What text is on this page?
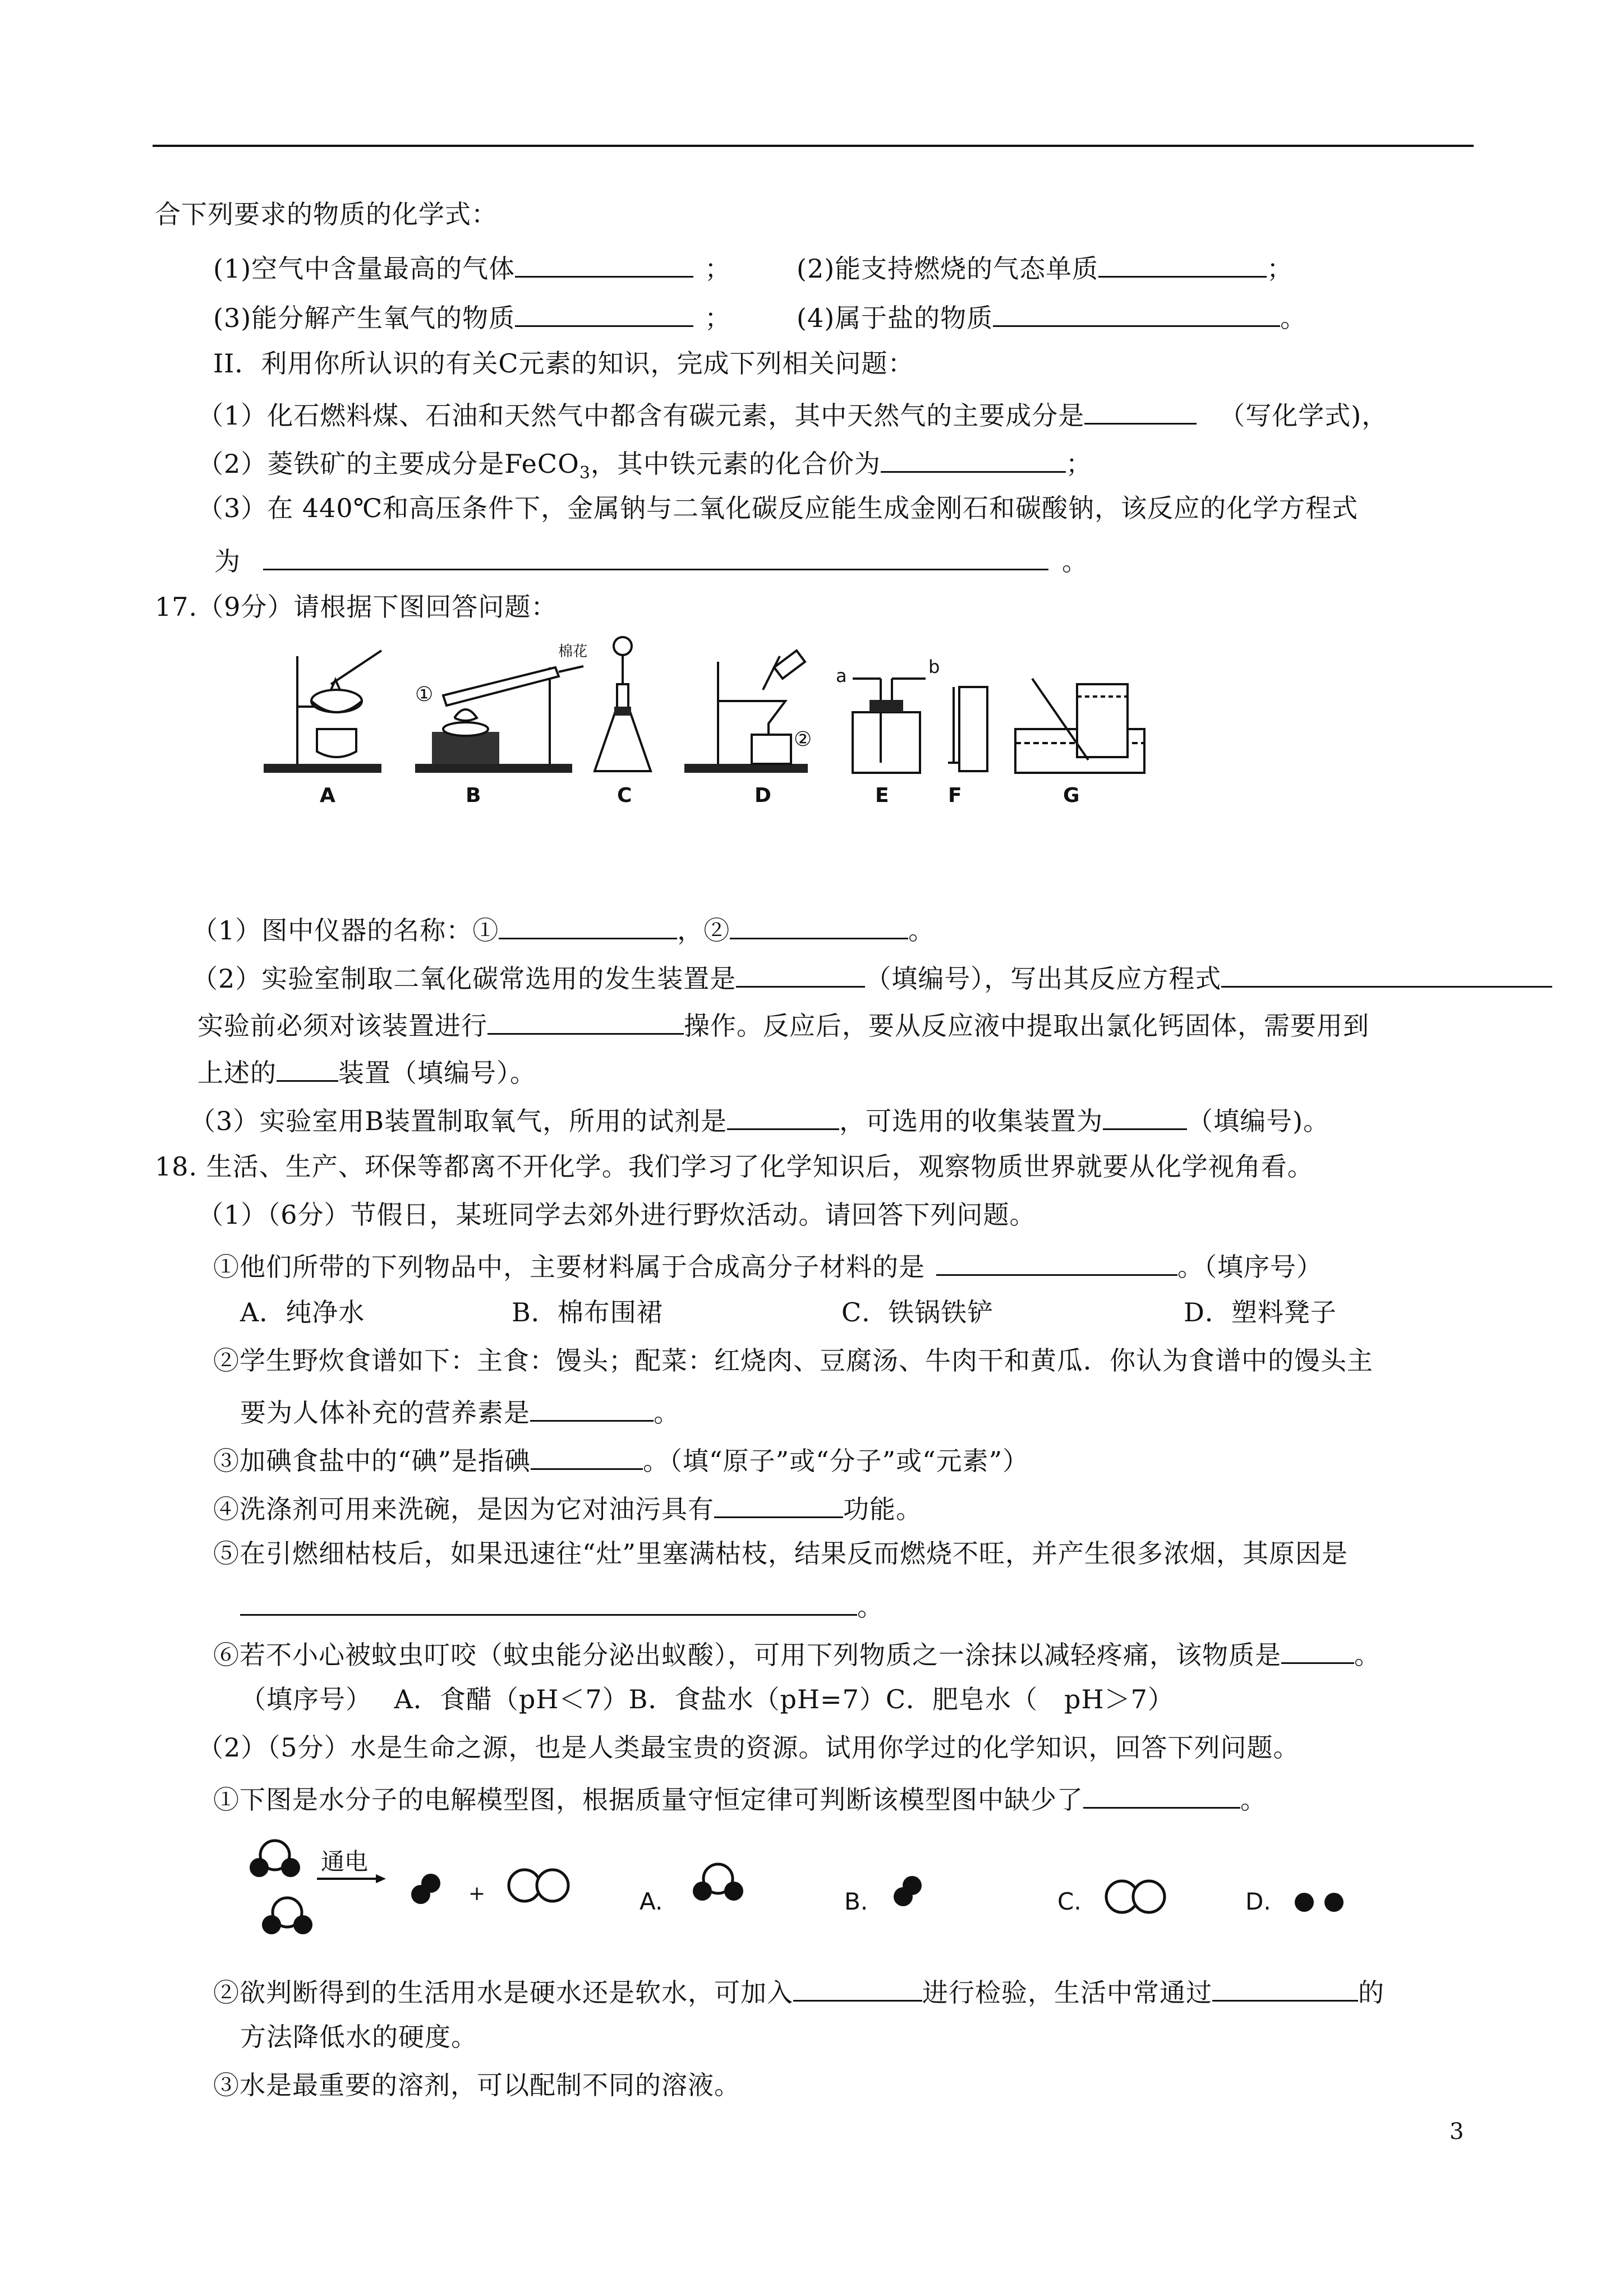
合下列要求的物质的化学式：
(1)空气中含量最高的气体	；	(2)能支持燃烧的气态单质	；
(3)能分解产生氧气的物质	；	(4)属于盐的物质	。
II．利用你所认识的有关C元素的知识，完成下列相关问题：
（1）化石燃料煤、石油和天然气中都含有碳元素，其中天然气的主要成分是	（写化学式)，
（2）菱铁矿的主要成分是FeCO$_3$，其中铁元素的化合价为	；
（3）在 440℃和高压条件下，金属钠与二氧化碳反应能生成金刚石和碳酸钠，该反应的化学方程式
为	。
17.（9分）请根据下图回答问题：
①
棉花
②
a	b
A	B	C	D	E	F	G
（1）图中仪器的名称：①	，②	。
（2）实验室制取二氧化碳常选用的发生装置是	（填编号），写出其反应方程式
实验前必须对该装置进行	操作。反应后，要从反应液中提取出氯化钙固体，需要用到
上述的 装置（填编号）。
（3）实验室用B装置制取氧气，所用的试剂是	，可选用的收集装置为	（填编号)。
18. 生活、生产、环保等都离不开化学。我们学习了化学知识后，观察物质世界就要从化学视角看。
（1）（6分）节假日，某班同学去郊外进行野炊活动。请回答下列问题。
①他们所带的下列物品中，主要材料属于合成高分子材料的是	。（填序号）
A．纯净水	B．棉布围裙	C．铁锅铁铲	D．塑料凳子
②学生野炊食谱如下：主食：馒头；配菜：红烧肉、豆腐汤、牛肉干和黄瓜．你认为食谱中的馒头主
要为人体补充的营养素是	。
③加碘食盐中的“碘”是指碘	。（填“原子”或“分子”或“元素”）
④洗涤剂可用来洗碗，是因为它对油污具有	功能。
⑤在引燃细枯枝后，如果迅速往“灶”里塞满枯枝，结果反而燃烧不旺，并产生很多浓烟，其原因是
。
⑥若不小心被蚊虫叮咬（蚊虫能分泌出蚁酸），可用下列物质之一涂抹以减轻疼痛，该物质是	。
（填序号）　 A．食醋（pH＜7）B．食盐水（pH=7）C．肥皂水（　pH＞7）
（2）（5分）水是生命之源，也是人类最宝贵的资源。试用你学过的化学知识，回答下列问题。
①下图是水分子的电解模型图，根据质量守恒定律可判断该模型图中缺少了	。
通电
+	A.	B.	C.	D.
②欲判断得到的生活用水是硬水还是软水，可加入	进行检验，生活中常通过	的
方法降低水的硬度。
③水是最重要的溶剂，可以配制不同的溶液。
3
